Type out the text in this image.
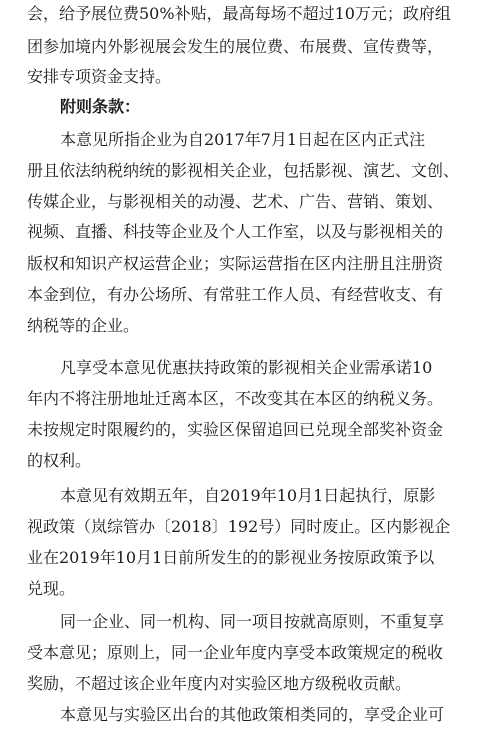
会，给予展位费50%补贴，最高每场不超过10万元；政府组
团参加境内外影视展会发生的展位费、布展费、宣传费等，
安排专项资金支持。
附则条款：
本意见所指企业为自2017年7月1日起在区内正式注
册且依法纳税纳统的影视相关企业，包括影视、演艺、文创、
传媒企业，与影视相关的动漫、艺术、广告、营销、策划、
视频、直播、科技等企业及个人工作室，以及与影视相关的
版权和知识产权运营企业；实际运营指在区内注册且注册资
本金到位，有办公场所、有常驻工作人员、有经营收支、有
纳税等的企业。
凡享受本意见优惠扶持政策的影视相关企业需承诺10
年内不将注册地址迁离本区，不改变其在本区的纳税义务。
未按规定时限履约的，实验区保留追回已兑现全部奖补资金
的权利。
本意见有效期五年，自2019年10月1日起执行，原影
视政策（岚综管办〔2018〕192号）同时废止。区内影视企
业在2019年10月1日前所发生的的影视业务按原政策予以
兑现。
同一企业、同一机构、同一项目按就高原则，不重复享
受本意见；原则上，同一企业年度内享受本政策规定的税收
奖励，不超过该企业年度内对实验区地方级税收贡献。
本意见与实验区出台的其他政策相类同的，享受企业可
